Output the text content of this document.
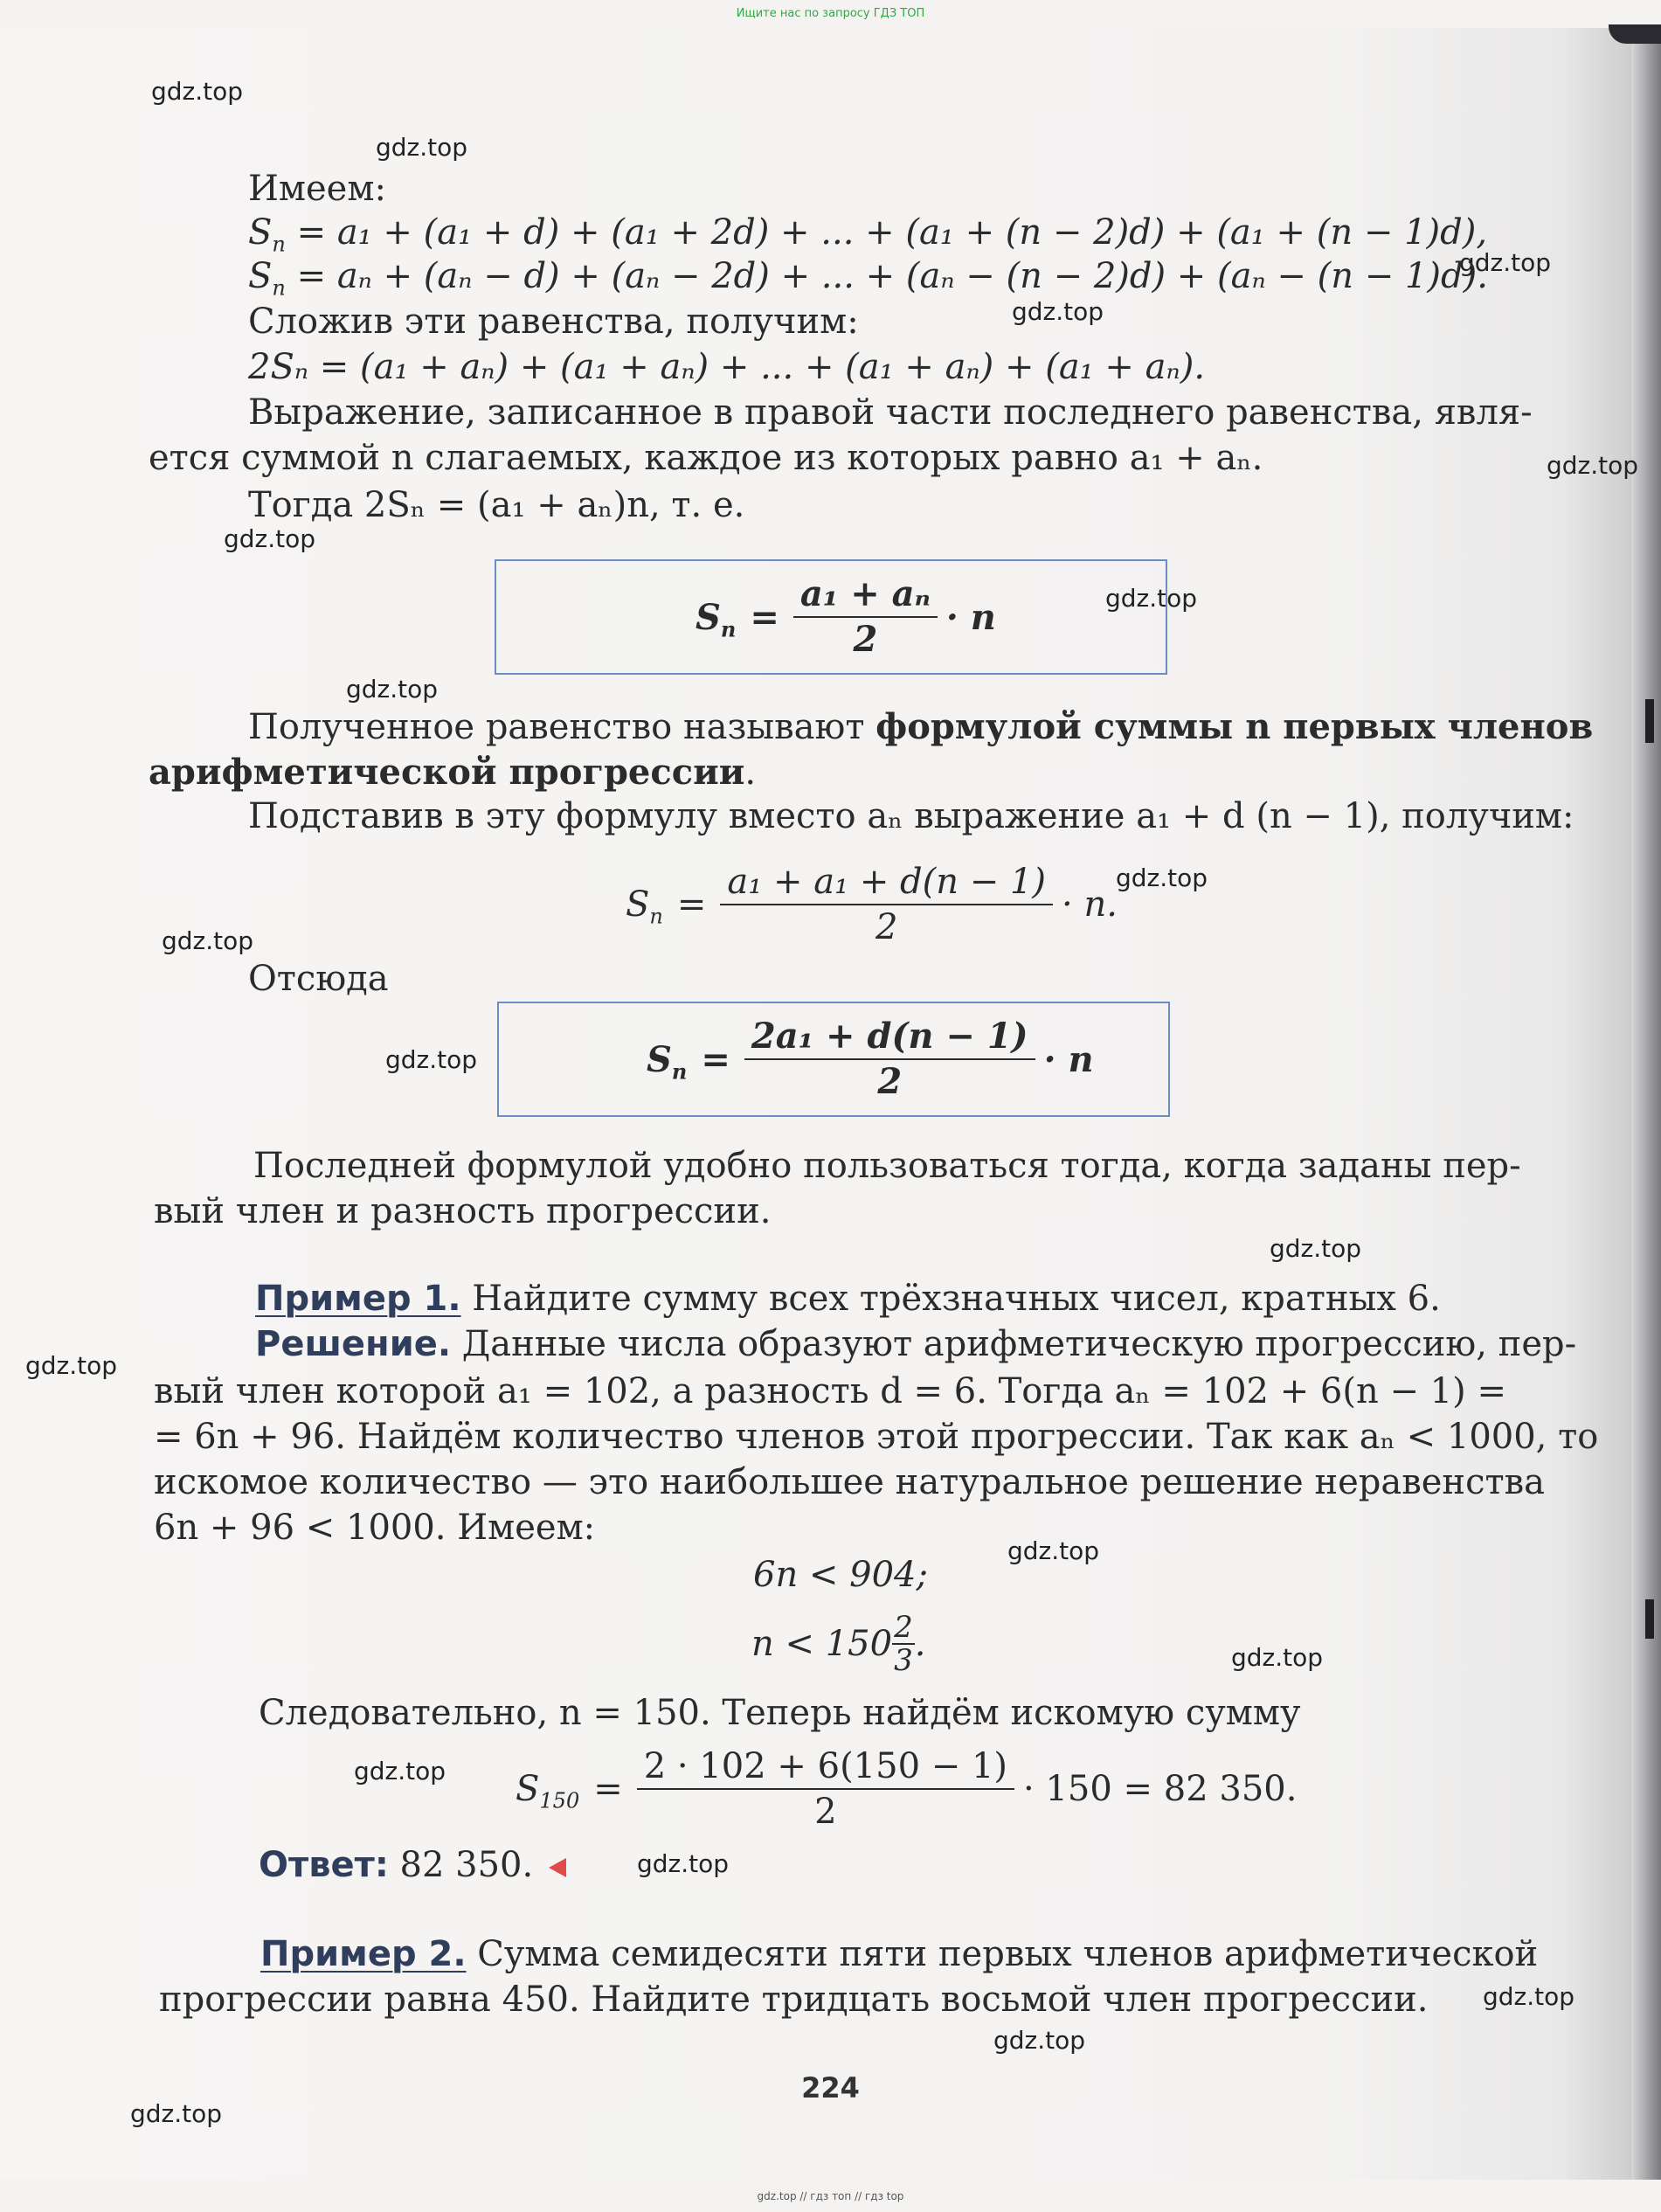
Ищите нас по запросу ГДЗ ТОП
gdz.top
gdz.top
gdz.top
gdz.top
gdz.top
gdz.top
gdz.top
gdz.top
gdz.top
gdz.top
gdz.top
gdz.top
gdz.top
gdz.top
gdz.top
gdz.top
gdz.top
gdz.top
gdz.top
gdz.top
Имеем:
$S_n = a_1 + (a_1 + d) + (a_1 + 2d)$ + ... + (a₁ + (n − 2)d) + (a₁ + (n − 1)d),
$S_n = a_n + (a_n - d) + (a_n - 2d)$ + ... + (aₙ − (n − 2)d) + (aₙ − (n − 1)d).
Сложив эти равенства, получим:
2Sₙ = (a₁ + aₙ) + (a₁ + aₙ) + ... + (a₁ + aₙ) + (a₁ + aₙ).
Выражение, записанное в правой части последнего равенства, явля-
ется суммой n слагаемых, каждое из которых равно a₁ + aₙ.
Тогда 2Sₙ = (a₁ + aₙ)n, т. е.
$S_n = \frac{\text{a₁ + aₙ}}{2} \cdot n$
Полученное равенство называют формулой суммы n первых членов
арифметической прогрессии.
Подставив в эту формулу вместо aₙ выражение a₁ + d (n − 1), получим:
$S_n = \frac{\text{a₁ + a₁ + d(n − 1)}}{2} \cdot n$.
Отсюда
$S_n = \frac{\text{2a₁ + d(n − 1)}}{2} \cdot n$
Последней формулой удобно пользоваться тогда, когда заданы пер-
вый член и разность прогрессии.
Пример 1. Найдите сумму всех трёхзначных чисел, кратных 6.
Решение. Данные числа образуют арифметическую прогрессию, пер-
вый член которой a₁ = 102, а разность d = 6. Тогда aₙ = 102 + 6(n − 1) =
= 6n + 96. Найдём количество членов этой прогрессии. Так как aₙ < 1000, то
искомое количество — это наибольшее натуральное решение неравенства
6n + 96 < 1000. Имеем:
6n < 904;
$n < 150 \frac{2}{3}$ .
Следовательно, n = 150. Теперь найдём искомую сумму
$S_{150} = \frac{2 \cdot 102 + 6(150 - 1)}{2} \cdot 150 = 82$ 350.
Ответ: 82 350.
Пример 2. Сумма семидесяти пяти первых членов арифметической
прогрессии равна 450. Найдите тридцать восьмой член прогрессии.
224
gdz.top // гдз топ // гдз top
